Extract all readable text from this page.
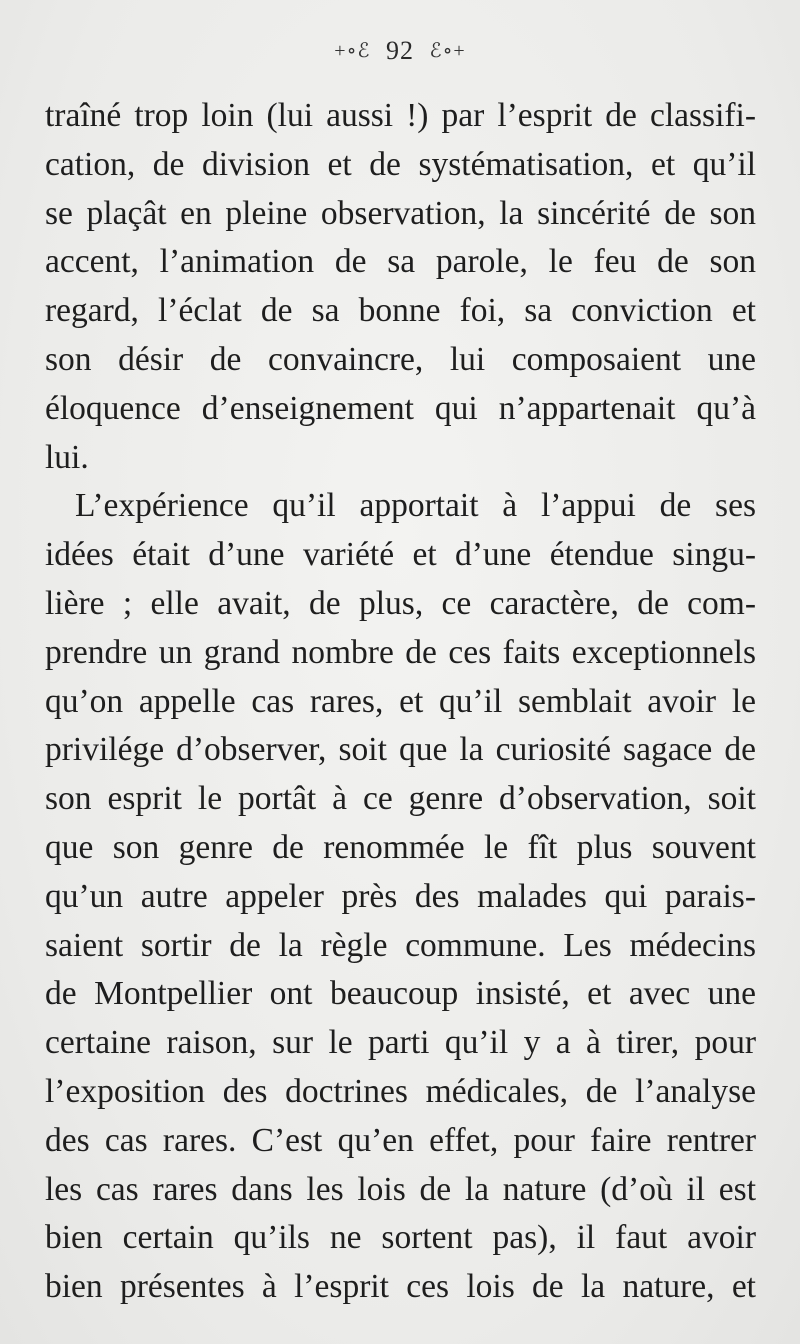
+∘ℰ 92 ℰ∘+
traîné trop loin (lui aussi !) par l’esprit de classifi-
cation, de division et de systématisation, et qu’il
se plaçât en pleine observation, la sincérité de son
accent, l’animation de sa parole, le feu de son
regard, l’éclat de sa bonne foi, sa conviction et
son désir de convaincre, lui composaient une
éloquence d’enseignement qui n’appartenait qu’à
lui.
L’expérience qu’il apportait à l’appui de ses
idées était d’une variété et d’une étendue singu-
lière ; elle avait, de plus, ce caractère, de com-
prendre un grand nombre de ces faits exceptionnels
qu’on appelle cas rares, et qu’il semblait avoir le
privilége d’observer, soit que la curiosité sagace de
son esprit le portât à ce genre d’observation, soit
que son genre de renommée le fît plus souvent
qu’un autre appeler près des malades qui parais-
saient sortir de la règle commune. Les médecins
de Montpellier ont beaucoup insisté, et avec une
certaine raison, sur le parti qu’il y a à tirer, pour
l’exposition des doctrines médicales, de l’analyse
des cas rares. C’est qu’en effet, pour faire rentrer
les cas rares dans les lois de la nature (d’où il est
bien certain qu’ils ne sortent pas), il faut avoir
bien présentes à l’esprit ces lois de la nature, et
